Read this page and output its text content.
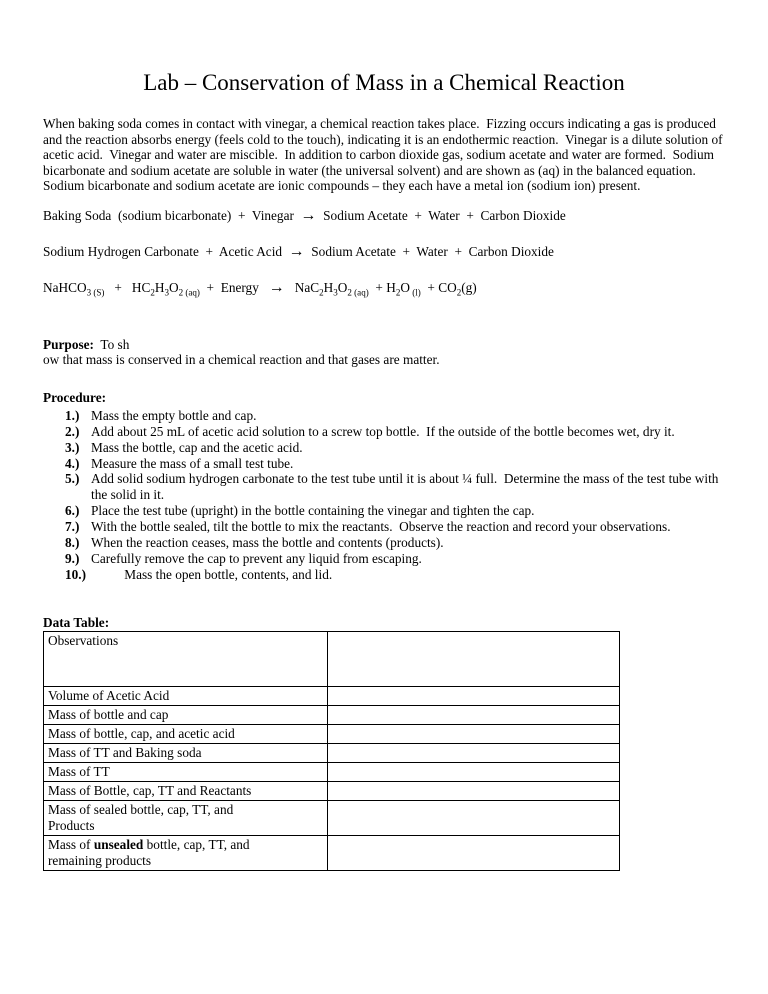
Lab – Conservation of Mass in a Chemical Reaction

When baking soda comes in contact with vinegar, a chemical reaction takes place.  Fizzing occurs indicating a gas is produced and the reaction absorbs energy (feels cold to the touch), indicating it is an endothermic reaction.  Vinegar is a dilute solution of acetic acid.  Vinegar and water are miscible.  In addition to carbon dioxide gas, sodium acetate and water are formed.  Sodium bicarbonate and sodium acetate are soluble in water (the universal solvent) and are shown as (aq) in the balanced equation. Sodium bicarbonate and sodium acetate are ionic compounds – they each have a metal ion (sodium ion) present.

Baking Soda  (sodium bicarbonate)  +  Vinegar  →  Sodium Acetate  +  Water  +  Carbon Dioxide
Sodium Hydrogen Carbonate  +  Acetic Acid  →  Sodium Acetate  +  Water  +  Carbon Dioxide
NaHCO$_{3 (S)}$   +   $HC_2H_3O_{2 (aq)}$  +  Energy   →   $NaC_2H_3O_{2 (aq)} + H_2O$ $_{(l)} + CO_2(g)$

Purpose:  To sh
ow that mass is conserved in a chemical reaction and that gases are matter.

Procedure:

1.) Mass the empty bottle and cap.
2.) Add about 25 mL of acetic acid solution to a screw top bottle.  If the outside of the bottle becomes wet, dry it.
3.) Mass the bottle, cap and the acetic acid.
4.) Measure the mass of a small test tube.
5.) Add solid sodium hydrogen carbonate to the test tube until it is about ¼ full.  Determine the mass of the test tube with the solid in it.
6.) Place the test tube (upright) in the bottle containing the vinegar and tighten the cap.
7.) With the bottle sealed, tilt the bottle to mix the reactants.  Observe the reaction and record your observations.
8.) When the reaction ceases, mass the bottle and contents (products).
9.) Carefully remove the cap to prevent any liquid from escaping.
10.) Mass the open bottle, contents, and lid.

Data Table:

Observations	
Volume of Acetic Acid	
Mass of bottle and cap	
Mass of bottle, cap, and acetic acid	
Mass of TT and Baking soda	
Mass of TT	
Mass of Bottle, cap, TT and Reactants	
Mass of sealed bottle, cap, TT, and
Products	
Mass of unsealed bottle, cap, TT, and
remaining products	
